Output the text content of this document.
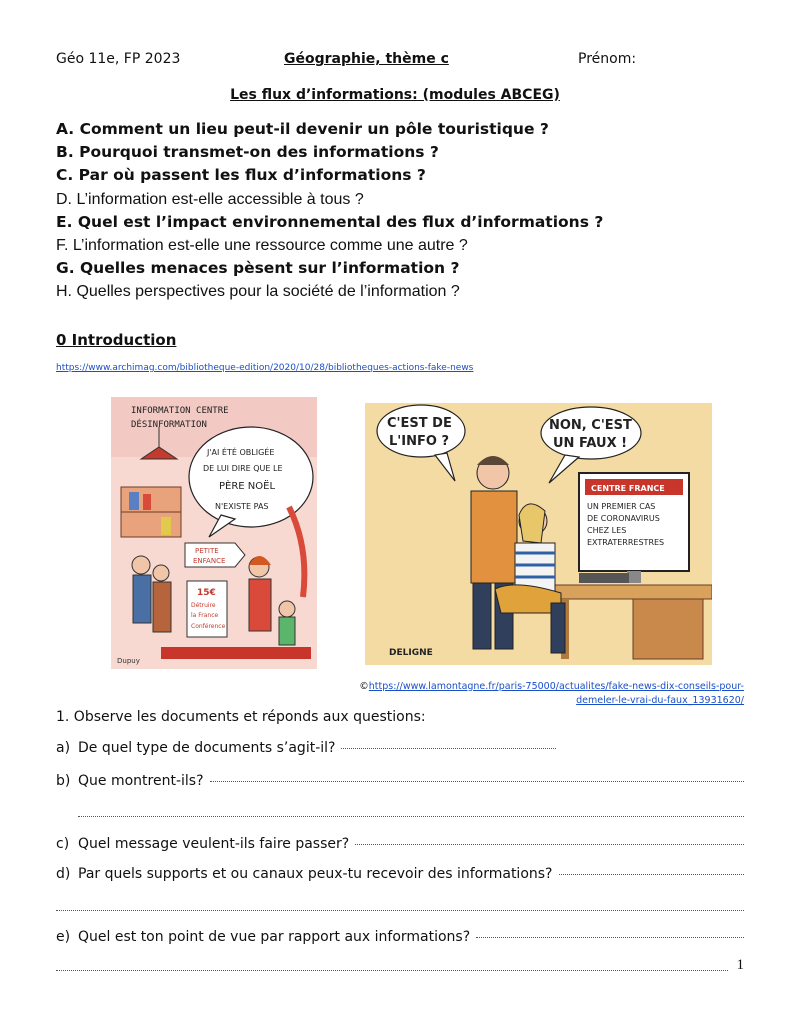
Géo 11e, FP 2023	Géographie, thème c	Prénom:
Les flux d’informations: (modules ABCEG)
A. Comment un lieu peut-il devenir un pôle touristique ?
B. Pourquoi transmet-on des informations ?
C. Par où passent les flux d’informations ?
D. L’information est-elle accessible à tous ?
E. Quel est l’impact environnemental des flux d’informations ?
F. L’information est-elle une ressource comme une autre ?
G. Quelles menaces pèsent sur l’information ?
H. Quelles perspectives pour la société de l’information ?
0 Introduction
https://www.archimag.com/bibliotheque-edition/2020/10/28/bibliotheques-actions-fake-news
INFORMATION CENTRE
DÉSINFORMATION
J'AI ÉTÉ OBLIGÉE
DE LUI DIRE QUE LE
PÈRE NOËL
N'EXISTE PAS
PETITE
ENFANCE
15€
Détruire
la France
Conférence
Dupuy
C'EST DE
L'INFO ?
NON, C'EST
UN FAUX !
CENTRE FRANCE
UN PREMIER CAS
DE CORONAVIRUS
CHEZ LES
EXTRATERRESTRES
DELIGNE
©https://www.lamontagne.fr/paris-75000/actualites/fake-news-dix-conseils-pour-
demeler-le-vrai-du-faux_13931620/
1. Observe les documents et réponds aux questions:
a) De quel type de documents s’agit-il?
b) Que montrent-ils?
c) Quel message veulent-ils faire passer?
d) Par quels supports et ou canaux peux-tu recevoir des informations?
e) Quel est ton point de vue par rapport aux informations?
1
